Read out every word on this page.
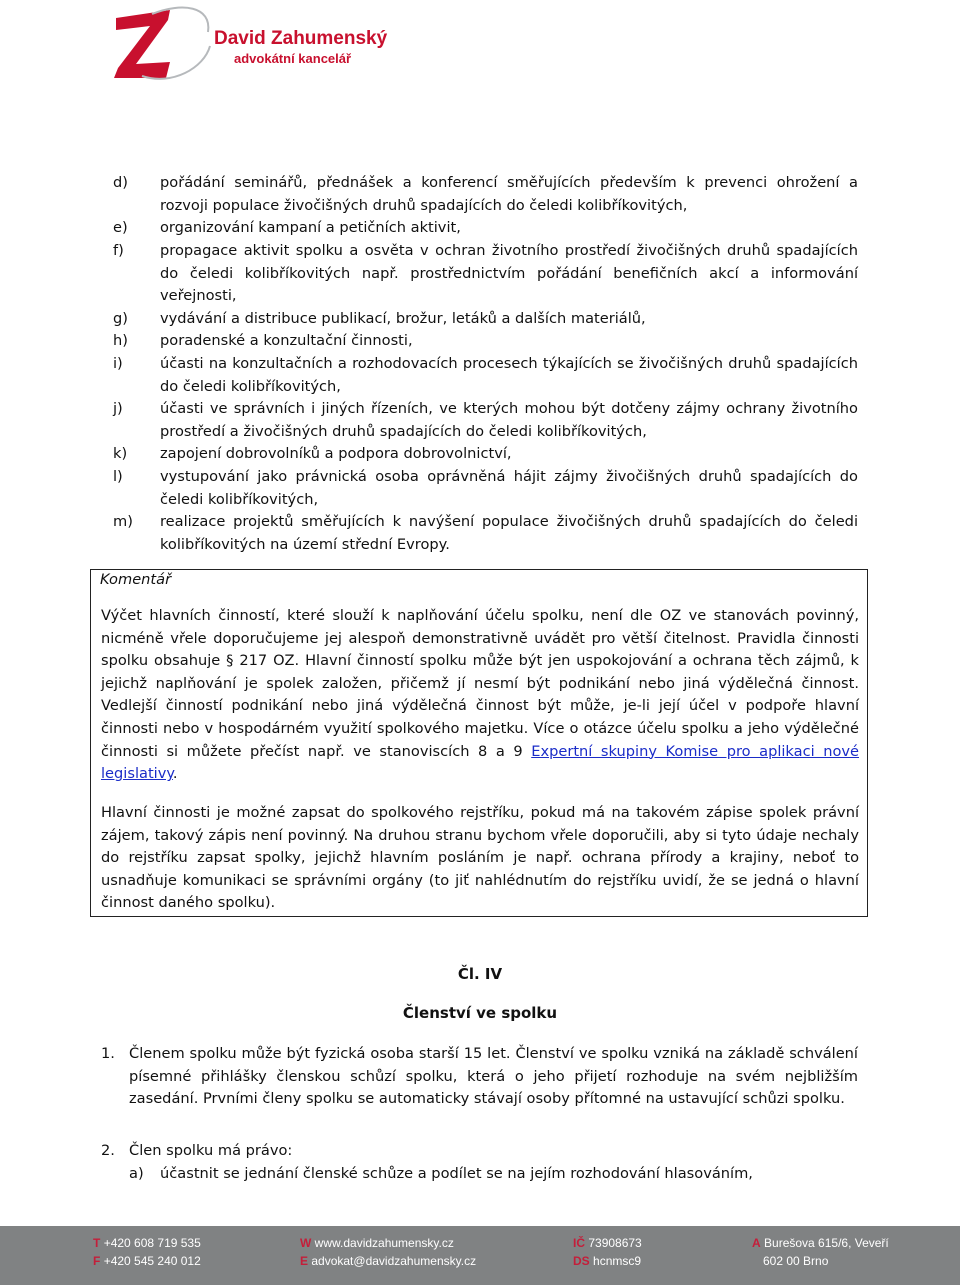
David Zahumenský
advokátní kancelář
d) pořádání seminářů, přednášek a konferencí směřujících především k prevenci ohrožení a rozvoji populace živočišných druhů spadajících do čeledi kolibříkovitých,
e) organizování kampaní a petičních aktivit,
f) propagace aktivit spolku a osvěta v ochran životního prostředí živočišných druhů spadajících do čeledi kolibříkovitých např. prostřednictvím pořádání benefičních akcí a informování veřejnosti,
g) vydávání a distribuce publikací, brožur, letáků a dalších materiálů,
h) poradenské a konzultační činnosti,
i)	účasti na konzultačních a rozhodovacích procesech týkajících se živočišných druhů spadajících do čeledi kolibříkovitých,
j)	účasti ve správních i jiných řízeních, ve kterých mohou být dotčeny zájmy ochrany životního prostředí a živočišných druhů spadajících do čeledi kolibříkovitých,
k) zapojení dobrovolníků a podpora dobrovolnictví,
l)	vystupování jako právnická osoba oprávněná hájit zájmy živočišných druhů spadajících do čeledi kolibříkovitých,
m) realizace projektů směřujících k navýšení populace živočišných druhů spadajících do čeledi kolibříkovitých na území střední Evropy.
Komentář
Výčet hlavních činností, které slouží k naplňování účelu spolku, není dle OZ ve stanovách povinný, nicméně vřele doporučujeme jej alespoň demonstrativně uvádět pro větší čitelnost. Pravidla činnosti spolku obsahuje § 217 OZ. Hlavní činností spolku může být jen uspokojování a ochrana těch zájmů, k jejichž naplňování je spolek založen, přičemž jí nesmí být podnikání nebo jiná výdělečná činnost. Vedlejší činností podnikání nebo jiná výdělečná činnost být může, je-li její účel v podpoře hlavní činnosti nebo v hospodárném využití spolkového majetku. Více o otázce účelu spolku a jeho výdělečné činnosti si můžete přečíst např. ve stanoviscích 8 a 9 Expertní skupiny Komise pro aplikaci nové legislativy.
Hlavní činnosti je možné zapsat do spolkového rejstříku, pokud má na takovém zápise spolek právní zájem, takový zápis není povinný. Na druhou stranu bychom vřele doporučili, aby si tyto údaje nechaly do rejstříku zapsat spolky, jejichž hlavním posláním je např. ochrana přírody a krajiny, neboť to usnadňuje komunikaci se správními orgány (to jiť nahlédnutím do rejstříku uvidí, že se jedná o hlavní činnost daného spolku).
Čl. IV
Členství ve spolku
1. Členem spolku může být fyzická osoba starší 15 let. Členství ve spolku vzniká na základě schválení písemné přihlášky členskou schůzí spolku, která o jeho přijetí rozhoduje na svém nejbližším zasedání. Prvními členy spolku se automaticky stávají osoby přítomné na ustavující schůzi spolku.
2. Člen spolku má právo:
a) účastnit se jednání členské schůze a podílet se na jejím rozhodování hlasováním,
T +420 608 719 535
F +420 545 240 012
W www.davidzahumensky.cz
E advokat@davidzahumensky.cz
IČ 73908673
DS hcnmsc9
A Burešova 615/6, Veveří
602 00 Brno
